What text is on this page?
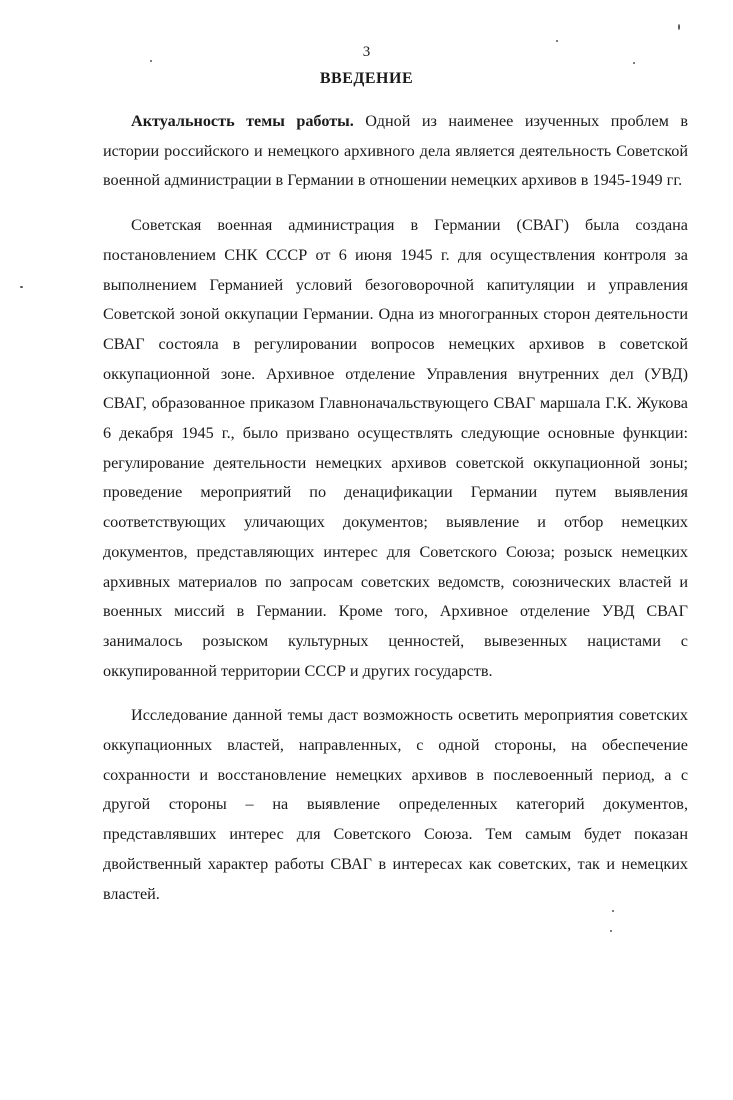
3
ВВЕДЕНИЕ

Актуальность темы работы. Одной из наименее изученных проблем в истории российского и немецкого архивного дела является деятельность Советской военной администрации в Германии в отношении немецких архивов в 1945-1949 гг.

Советская военная администрация в Германии (СВАГ) была создана постановлением СНК СССР от 6 июня 1945 г. для осуществления контроля за выполнением Германией условий безоговорочной капитуляции и управления Советской зоной оккупации Германии. Одна из многогранных сторон деятельности СВАГ состояла в регулировании вопросов немецких архивов в советской оккупационной зоне. Архивное отделение Управления внутренних дел (УВД) СВАГ, образованное приказом Главноначальствующего СВАГ маршала Г.К. Жукова 6 декабря 1945 г., было призвано осуществлять следующие основные функции: регулирование деятельности немецких архивов советской оккупационной зоны; проведение мероприятий по денацификации Германии путем выявления соответствующих уличающих документов; выявление и отбор немецких документов, представляющих интерес для Советского Союза; розыск немецких архивных материалов по запросам советских ведомств, союзнических властей и военных миссий в Германии. Кроме того, Архивное отделение УВД СВАГ занималось розыском культурных ценностей, вывезенных нацистами с оккупированной территории СССР и других государств.

Исследование данной темы даст возможность осветить мероприятия советских оккупационных властей, направленных, с одной стороны, на обеспечение сохранности и восстановление немецких архивов в послевоенный период, а с другой стороны – на выявление определенных категорий документов, представлявших интерес для Советского Союза. Тем самым будет показан двойственный характер работы СВАГ в интересах как советских, так и немецких властей.
